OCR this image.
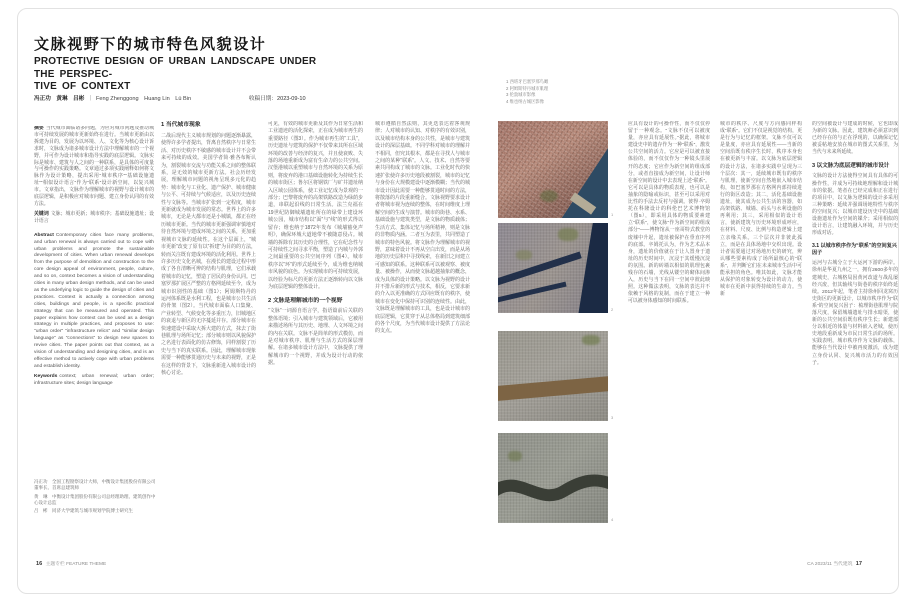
文脉视野下的城市特色风貌设计
PROTECTIVE DESIGN OF URBAN LANDSCAPE UNDER THE PERSPEC-
TIVE OF CONTEXT
冯正功　黄琳　吕彬 ｜ Feng Zhenggong　Huang Lin　Lü Bin	收稿日期：2023-09-10

摘要 当代城市面临诸多问题，为应对城市问题及推动城市可持续发展的城市更新始终在进行。当城市更新由以拆建为目的，发展为以环境、人、文化等为核心设计诉求时，文脉成为诸多城市设计方法中理解城市的一个视野，并可作为设计城市和指导实践的底层逻辑。文脉实际是城市、建筑与人之间的一种联系，是具体的可度量与可操作的实践策略。文章通过多项实践阐释如何将文脉作为设计策略，提出采用“城市秩序”“基础设施遗址”“相似设计语言”作为“联系”设计新空间，以复兴城市。文章指出，文脉作为理解城市的视野与设计城市的底层逻辑，是积极应对城市问题、建立身份认同的有效方法。

关键词 文脉；城市更新；城市秩序；基础设施遗址；设计语言

Abstract Contemporary cities face many problems, and urban renewal is always carried out to cope with urban problems and promote the sustainable development of cities. When urban renewal develops from the purpose of demolition and construction to the core design appeal of environment, people, culture, and so on, context becomes a vision of understanding cities in many urban design methods, and can be used as the underlying logic to guide the design of cities and practices. Context is actually a connection among cities, buildings and people, is a specific practical strategy that can be measured and operated. This paper explains how context can be used as a design strategy in multiple practices, and proposes to use: "urban order" "infrastructure relics" and "similar design language" as "connections" to design new spaces to revive cities. The paper points out that context, as a vision of understanding and designing cities, and is an effective method to actively cope with urban problems and establish identity.

Keywords context; urban renewal; urban order; infrastructure sites; design language

冯正功　全国工程勘察设计大师，中衡设计集团股份有限公司董事长、首席总建筑师
黄　琳　中衡设计集团股份有限公司总经理助理、建筑创作中心设计总监
吕　彬　同济大学建筑与城市规划学院博士研究生
1 当代城市现象
二战后现代主义城市规划的问题逐渐暴露，使得许多学者提出，背离自然秩序与日常生活、对历史秩序不敏感的城市设计并不会带来可持续的成效。美国学者简·雅各布斯认为，割裂城市交流与功能关系之间的整体联系，是无效的城市更新方法。社会历经发展，理解城市问题的视角呈现多元化的趋势：城市化与工业化、遗产保护、城市健康与公平、可持续与气候适应，以及历史连续性与文脉等。当城市扩张到一定程度，城市更新就成为城市发展的常态。世界上的许多城市，无论是大都市还是小城镇，都正在经历城市更新。当代的城市更新强调审慎地对待自然环境与建成环境之间的关系，更加重视城市文脉的延续性。在这个层面上，“城市更新”改变了原有以“拆建”为目的的方法，转而关注既有建成环境的活化利用。世界上许多历史文化名城，在漫长的建设过程中形成了各自清晰可辨的结构与肌理，它们承载着城市的记忆，塑造了居民的身份认同。巴塞罗那扩展区严整的方格网延续至今，成为城市识别性的基础（图1）；阿姆斯特丹的运河体系既是水利工程，也是城市公共生活的骨架（图2）。当代城市面临人口集聚、产业转型、气候变化等多重压力，旧城地区的衰退与新区的无序蔓延并存。部分城市在快速建设中采取大拆大建的方式，抹去了街巷肌理与场所记忆；部分城市则以风貌保护之名进行表面化的仿古修饰，同样割裂了历史与当下的真实联系。因此，理解城市现象需要一种能够贯通历史与未来的视野，正是在这样的背景下，文脉重新进入城市设计的核心讨论。
可见，有效的城市更新及其作为日常生活和工业遗迹的活化探索，正在成为城市再生的重要路径（图3）。作为城市再生的“工具”，历史遗址与建筑的保护不仅带来其所在区域环境的改善与经济的复兴，并且使衰败、失落的场地重新成为富有生命力的公共空间。汉堡港城以重塑城市与自然环境的关系为原则，将废弃的港口基础设施转化为持续生长的城市街区；鲁尔区将钢铁厂与矿井遗址纳入区域公园体系，使工业记忆成为景观的一部分；巴黎将废弃的高架铁路改造为绿荫步道，串联起沿线的日常生活。法兰克福在19世纪防御城墙遗址所在的绿带上建设环城公园，城市结构以“面”与“线”的形式得以留存；维也纳于1872年发布《城墙豁免声明》，确保环城大道地带不被随意侵占。城墙的拆除有其历史的合理性，它在纪念性与可持续性之间寻求平衡，塑造了内城与外郭之间最重要的公共空间序列（图4）。城市秩序以“环”的形式延续至今，成为维也纳城市风貌的底色。为实现城市的可持续发展，以经验为标尺的更新方法正逐渐转向以文脉为底层逻辑的整体设计。
2 文脉是理解城市的一个视野
“文脉”一词源自语言学，指语篇前后关联的整体语境；引入城市与建筑领域后，它被用来描述场所与其历史、地理、人文环境之间的内在关联。文脉不是简单的形式模仿，而是对城市秩序、肌理与生活方式的深层理解。在诸多城市设计方法中，文脉提供了理解城市的一个视野，并成为设计行动的依据。
城市遵循自然法则，其更迭表达着客观规律；人对城市的认知、对秩序的有效识别，以及城市结构本身的公共性，是城市与建筑设计的深层基础。不同学科对城市的理解并不相同，但究其根本，都是在寻找人与城市之间的某种“联系”。人文、技术、自然等要素共同构成了城市的文脉。工业化时代的快速扩张使许多历史地段被割裂，城市的记忆与身份在大规模建设中逐渐模糊；当代的城市设计因此需要一种能够贯通时间的方法，将散落的片段重新缝合。文脉视野要求设计者将城市视为连续的整体，在时间维度上理解空间的生成与演替。城市的街巷、水系、基础设施与建筑类型，是文脉的物质载体；生活方式、集体记忆与场所精神，则是文脉的非物质内涵。二者互为表里，共同塑造了城市的特色风貌。将文脉作为理解城市的视野，意味着设计不再从空白出发，而是从场地的历史层积中寻找线索，在新旧之间建立可感知的联系。这种联系可以被观察、被度量、被操作，从而使文脉超越抽象的概念，成为具体的设计策略。以文脉为视野的设计并不排斥新的形式与技术，相反，它要求新的介入以更准确的方式回应既有的秩序，使城市在变化中保持可识别的连续性。由此，文脉既是理解城市的工具，也是设计城市的底层逻辑，它贯穿于从总体格局到建筑细部的各个尺度，为当代城市设计提供了方法论的支点。
16 主题专栏 FEATURE THEME
1 西班牙巴塞罗那鸟瞰
2 阿姆斯特丹城市肌理
3 伦敦城市影像
4 维也纳古城区影像
1
2
3
4
应具有设计的可操作性，而不仅仅停留于一种观念。“文脉不仅可以被度量，亦应具有延展性。”据此，将城市建设史中的遗存作为一种“联系”，激发公共空间的活力。它应是可以被直接体验的，而不仅仅作为一种镜头里展开的态度；它应作为新空间的组成部分，或者直接成为新空间，让设计师在新空间的设计中去表现上述“联系”。它可以是具体的物质表现，也可以是抽象的隐喻或标识，甚至可以采用对比性的手法去反衬与强调。彼得·卒姆托在科隆设计的科伦巴艺术博物馆（图5），即采用具体的物质要素建立“联系”，使文脉“作为新空间的组成部分”——博物馆从一座哥特式教堂的废墟中升起，遗址被保护在垂直序列的底部。卒姆托认为，作为艺术品本身，遗址的价值就在于让人置身于遗址的历史时间中，沉浸于其缓慢沉淀的氛围。新的砖墙以相似的肌理包裹残存的石墙，光线从镂空的砌体间渗入，历史与当下在同一空间中彼此映照。这种做法表明，文脉的表达并不依赖于风格的复制，而在于建立一种可以被身体感知的时间联系。
城市的秩序、尺度与方向感同样构成“联系”。它们不仅是视觉的结构，更是行为与记忆的框架。文脉不仅可以是量度，亦应具有延展性——当新的空间沿既有秩序生长时，秩序本身也在被更新与丰富。以文脉为底层逻辑的设计方法，在诸多实践中呈现为三个层次：其一，延续城市既有的秩序与肌理，使新空间自然地嵌入城市结构，如巴塞罗那在方格网内部持续进行的街区改造；其二，活化基础设施遗址，使其成为公共生活的容器，如高架铁路、城墙、码头与水利设施的再利用；其三，采用相似的设计语言，使新建筑与历史环境形成呼应，在材料、尺度、比例与构造逻辑上建立亲缘关系。三个层次并非彼此孤立，而是在具体场地中交织出现。设计者需要通过对场地历史的研究，辨认哪些要素构成了场所最核心的“联系”，并判断它们在未来城市生活中可能承担的角色。唯其如此，文脉才能从保护的对象转变为设计的动力，使城市在更新中获得持续的生命力。当新
的空间被设计与建成的时候，它也即成为新的文脉。因此，建筑师必须意识到已经存在的与正在浮现的，以确保记忆被妥帖地安放在城市的图式关系里，为当代与未来所延续。
3 以文脉为底层逻辑的城市设计
文脉的设计方法使得空间具有具体的可操作性，并成为可持续地理解和设计城市的依据。笔者在已经完成和正在进行的项目中，以文脉为逻辑的设计多采用三种策略：延续并强调场地特性与秩序的空间复兴；以城市建设历史中的基础设施遗址作为空间的媒介；采用相似的设计语言，让建筑融入环境，并与历史形成对话。
3.1 以城市秩序作为“联系”的空间复兴因子
运河与古城分立于大运河下游的两岸。徐州是华夏九州之一，拥有2600多年的建城史，古城格局因黄河改道与战乱屡经兴废，但其轴线与街巷的秩序始终延续。2012年起，笔者主持徐州回龙窝历史街区的更新设计，以城市秩序作为“联系”的空间复兴因子：梳理街巷肌理与院落尺度，保留城墙遗址与排水暗渠，使新的公共空间沿既有秩序生长；新建部分以相近的体量与材料嵌入老城，使历史地段重新成为市民日常生活的场所。实践表明，城市秩序作为文脉的载体，能够在当代设计中被再度激活，成为建立身份认同、复兴城市活力的有效因子。
CA 2023/11 当代建筑 17
